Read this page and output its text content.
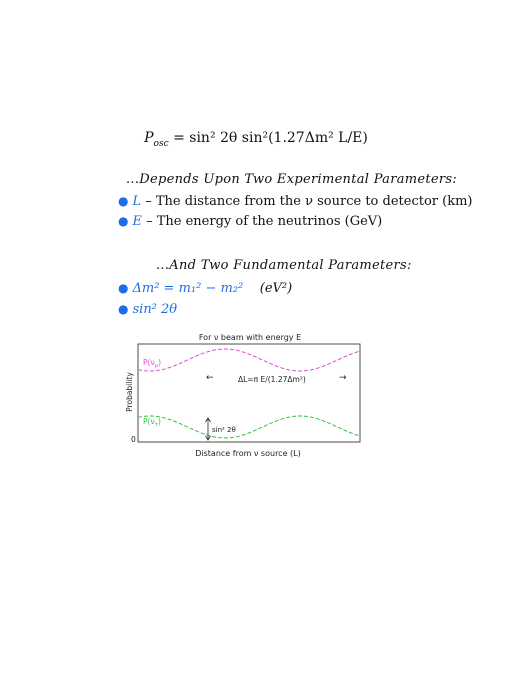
$P_{osc} = \sin^2$ 2θ sin²(1.27Δm² L/E)
...Depends Upon Two Experimental Parameters:
● L – The distance from the ν source to detector (km)
● E – The energy of the neutrinos (GeV)
...And Two Fundamental Parameters:
● Δm² = m₁² − m₂²    (eV²)
● sin² 2θ
For ν beam with energy E
Probability
0
$P(\nu_\mu)$
$P(\nu_\tau)$
←	→
ΔL=π E/(1.27Δm²)
sin² 2θ
Distance from ν source (L)
